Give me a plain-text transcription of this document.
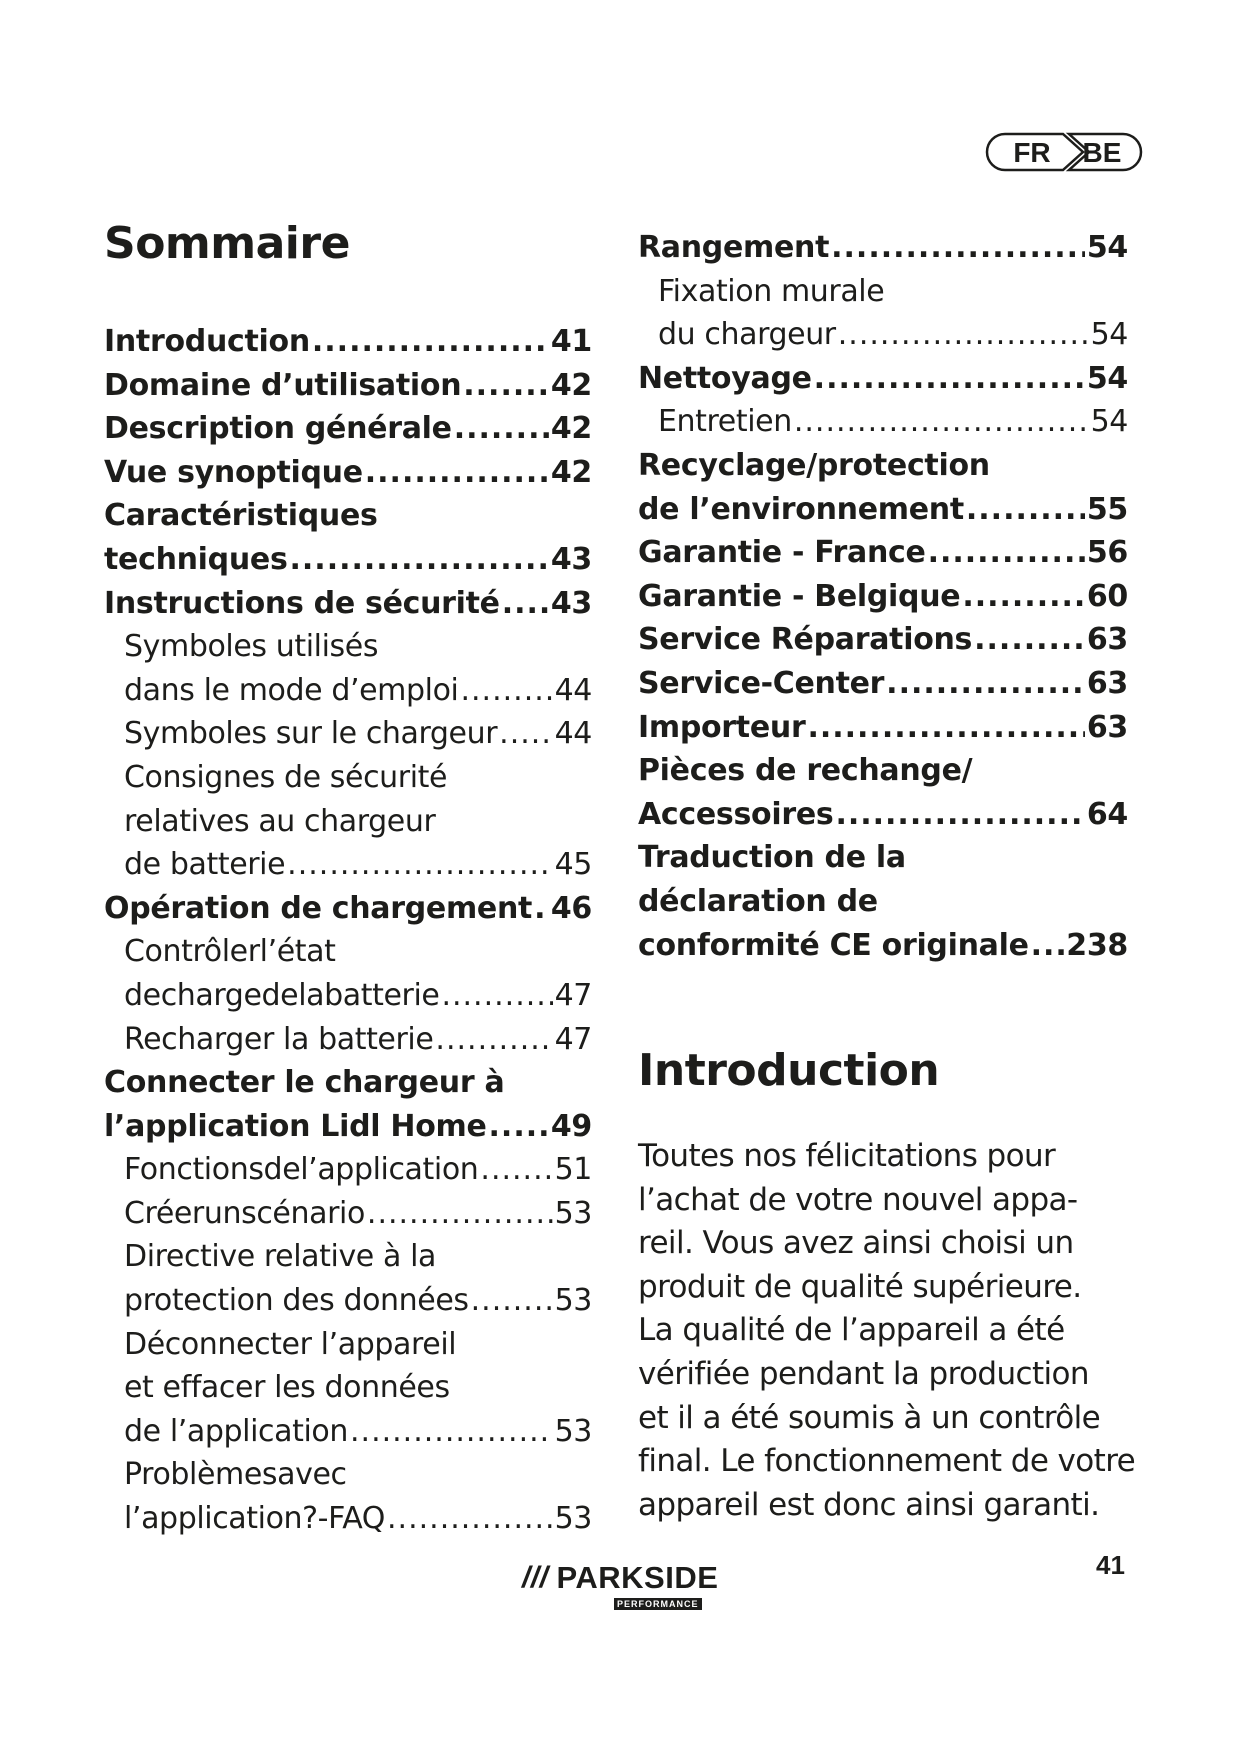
FR BE
Sommaire
Introduction .....	41
Domaine d’utilisation .....	42
Description générale .....	42
Vue synoptique .....	42
Caractéristiques
techniques .....	43
Instructions de sécurité ..... 43
Symboles utilisés
dans le mode d’emploi .....	44
Symboles sur le chargeur ..... 44
Consignes de sécurité
relatives au chargeur
de batterie .....	45
Opération de chargement ..... 46
Contrôlerl’état
dechargedelabatterie .....	47
Recharger la batterie .....	47
Connecter le chargeur à
l’application Lidl Home ..... 49
Fonctionsdel’application .....	51
Créerunscénario .....	53
Directive relative à la
protection des données .....	53
Déconnecter l’appareil
et effacer les données
de l’application .....	53
Problèmesavec
l’application?-FAQ .....	53
Rangement .....	54
Fixation murale
du chargeur .....	54
Nettoyage .....	54
Entretien .....	54
Recyclage/protection
de l’environnement .....	55
Garantie - France .....	56
Garantie - Belgique .....	60
Service Réparations .....	63
Service-Center .....	63
Importeur .....	63
Pièces de rechange/
Accessoires .....	64
Traduction de la
déclaration de
conformité CE originale ..... 238
Introduction
Toutes nos félicitations pour
l’achat de votre nouvel appa-
reil. Vous avez ainsi choisi un
produit de qualité supérieure.
La qualité de l’appareil a été
vérifiée pendant la production
et il a été soumis à un contrôle
final. Le fonctionnement de votre
appareil est donc ainsi garanti.
/// PARKSIDE
PERFORMANCE
41
